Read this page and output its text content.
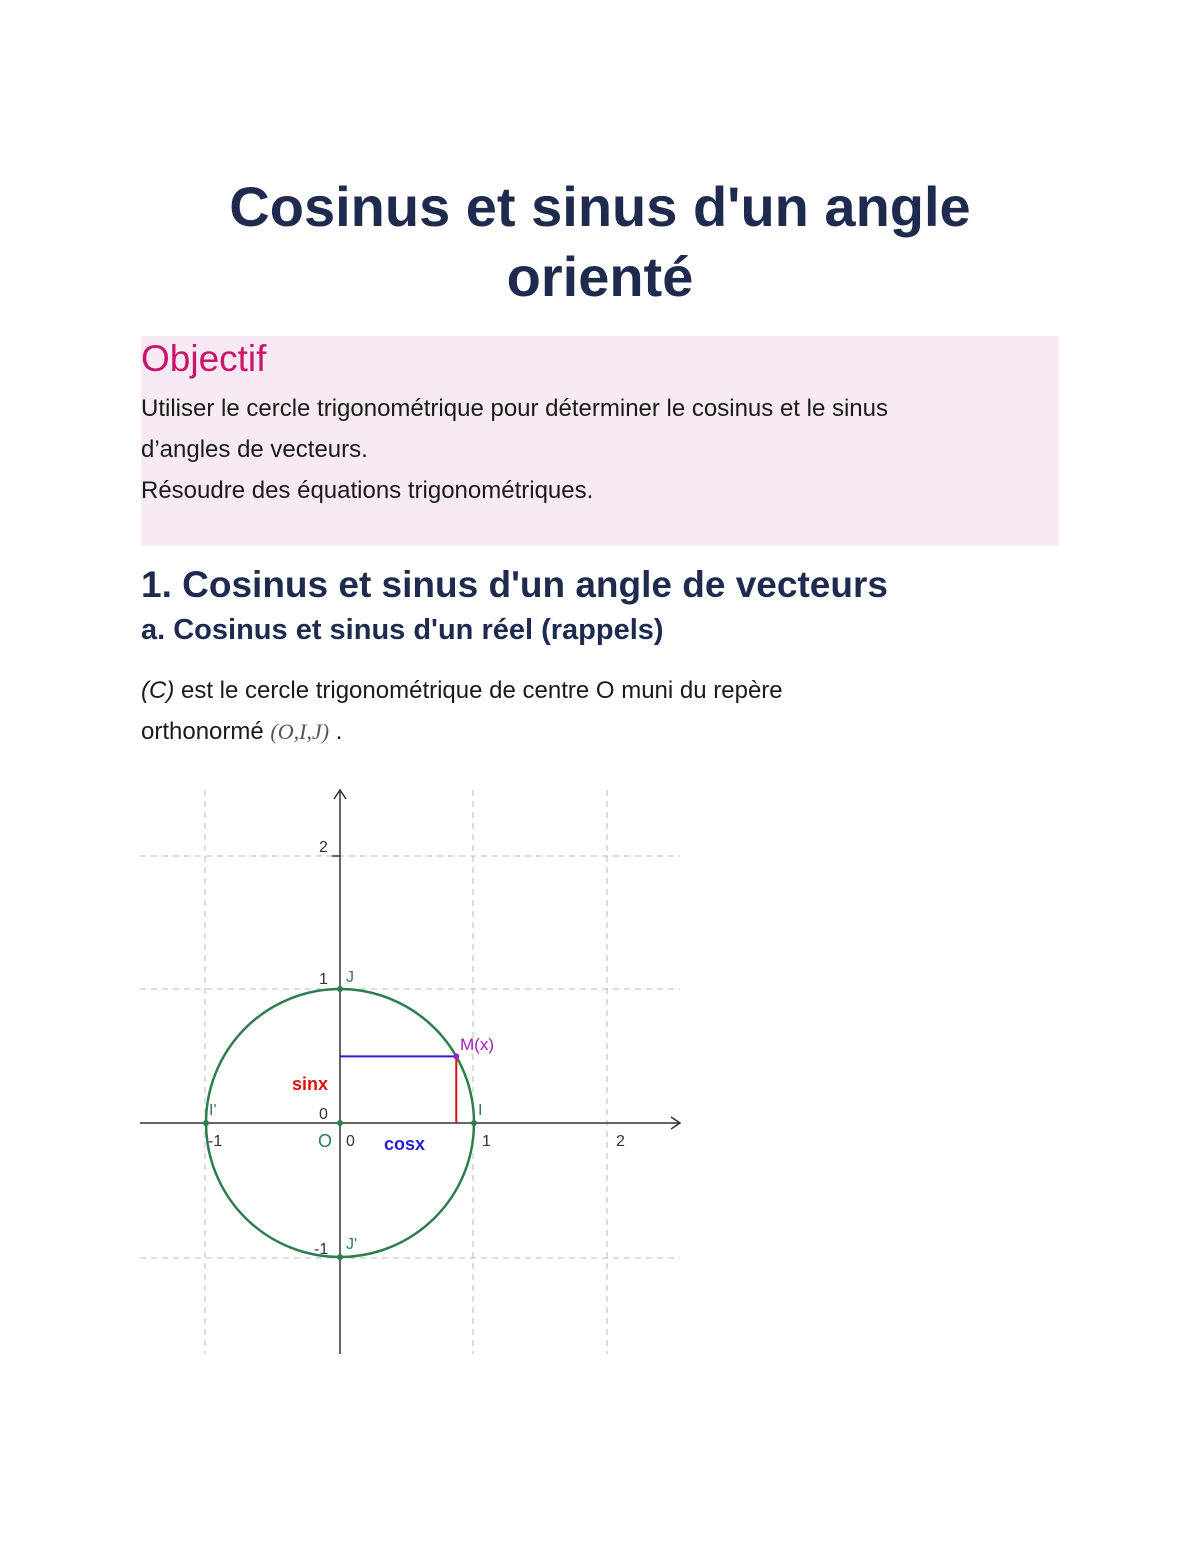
Cosinus et sinus d'un angle
orienté
Objectif
Utiliser le cercle trigonométrique pour déterminer le cosinus et le sinus
d’angles de vecteurs.
Résoudre des équations trigonométriques.
1. Cosinus et sinus d'un angle de vecteurs
a. Cosinus et sinus d'un réel (rappels)
(C) est le cercle trigonométrique de centre O muni du repère
orthonormé (O,I,J) .
-1	0	1	2
2
1
0
-1
O
I
I'
J
J'
M(x)
sinx
cosx
